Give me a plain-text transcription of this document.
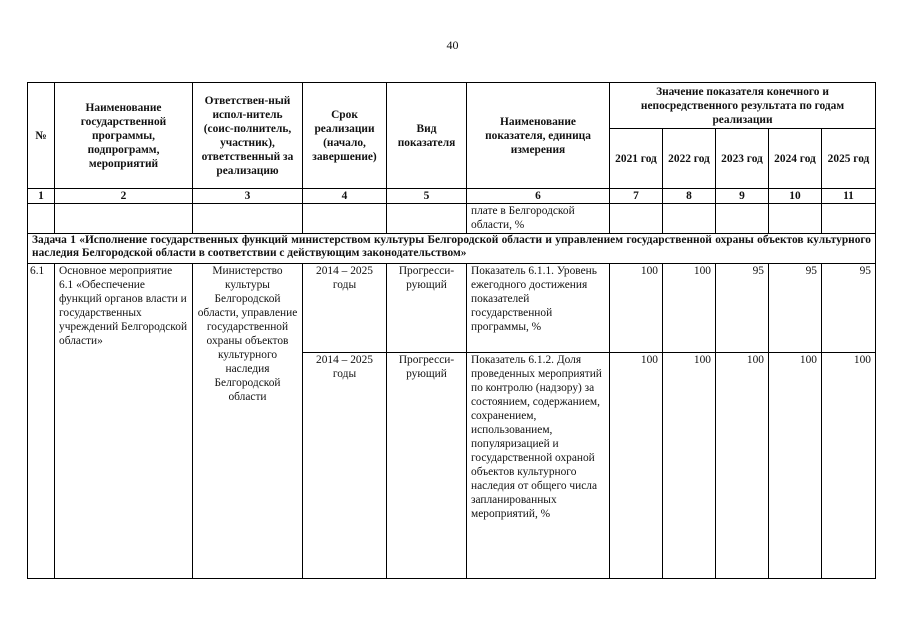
40
№	Наименование государственной программы, подпрограмм, мероприятий	Ответствен-ный испол-нитель (соис-полнитель, участник), ответственный за реализацию	Срок реализации (начало, завершение)	Вид показателя	Наименование показателя, единица измерения	Значение показателя конечного и непосредственного результата по годам реализации				
						2021 год	2022 год	2023 год	2024 год	2025 год
1	2	3	4	5	6	7	8	9	10	11
					плате в Белгородской области, %					
Задача 1 «Исполнение государственных функций министерством культуры Белгородской области и управлением государственной охраны объектов культурного наследия Белгородской области в соответствии с действующим законодательством»										
6.1	Основное мероприятие 6.1 «Обеспечение функций органов власти и государственных учреждений Белгородской области»	Министерство культуры Белгородской области, управление государственной охраны объектов культурного наследия Белгородской области	2014 – 2025 годы	Прогресси-рующий	Показатель 6.1.1. Уровень ежегодного достижения показателей государственной программы, %	100	100	95	95	95
			2014 – 2025 годы	Прогресси-рующий	Показатель 6.1.2. Доля проведенных мероприятий по контролю (надзору) за состоянием, содержанием, сохранением, использованием, популяризацией и государственной охраной объектов культурного наследия от общего числа запланированных мероприятий, %	100	100	100	100	100
